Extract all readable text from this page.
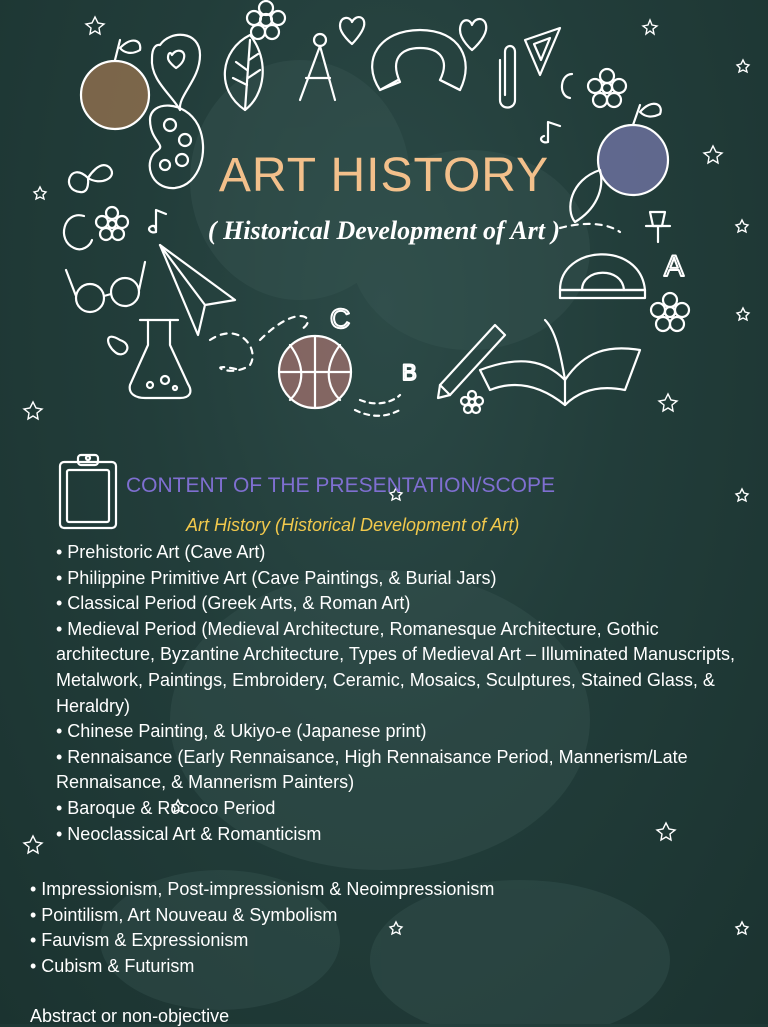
C
B
A
ART HISTORY
( Historical Development of Art )
CONTENT OF THE PRESENTATION/SCOPE
Art History (Historical Development of Art)
• Prehistoric Art (Cave Art)
• Philippine Primitive Art (Cave Paintings, & Burial Jars)
• Classical Period (Greek Arts, & Roman Art)
• Medieval Period (Medieval Architecture, Romanesque Architecture, Gothic architecture, Byzantine Architecture, Types of Medieval Art – Illuminated Manuscripts, Metalwork, Paintings, Embroidery, Ceramic, Mosaics, Sculptures, Stained Glass, & Heraldry)
• Chinese Painting, & Ukiyo-e (Japanese print)
• Rennaisance (Early Rennaisance, High Rennaisance Period, Mannerism/Late Rennaisance, & Mannerism Painters)
• Baroque & Rococo Period
• Neoclassical Art & Romanticism
• Impressionism, Post-impressionism & Neoimpressionism
• Pointilism, Art Nouveau & Symbolism
• Fauvism & Expressionism
• Cubism & Futurism
Abstract or non-objective
